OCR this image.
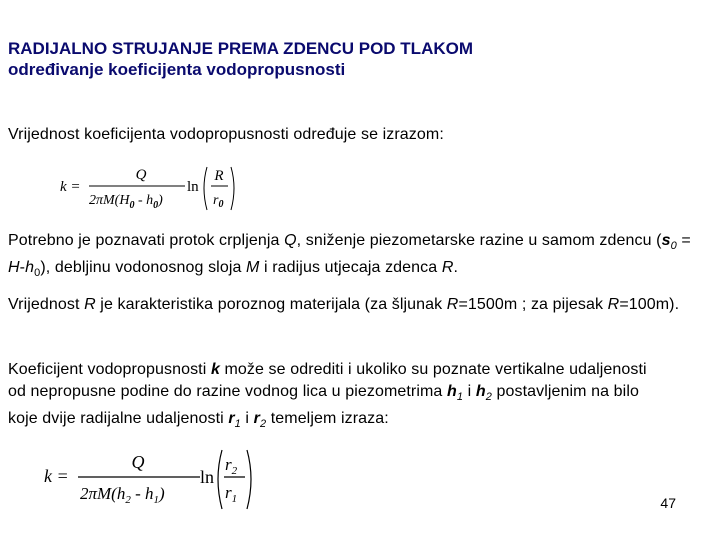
RADIJALNO STRUJANJE PREMA ZDENCU POD TLAKOM
određivanje koeficijenta vodopropusnosti
Vrijednost koeficijenta vodopropusnosti određuje se izrazom:
k =
Q
$2\pi M(H_0 - h_0)$
ln
R
$r_0$
Potrebno je poznavati protok crpljenja Q, sniženje piezometarske razine u samom zdencu $(s_0 = H-h_0)$, debljinu vodonosnog sloja M i radijus utjecaja zdenca R.
Vrijednost R je karakteristika poroznog materijala (za šljunak R=1500m ; za pijesak R=100m).
Koeficijent vodopropusnosti k može se odrediti i ukoliko su poznate vertikalne udaljenosti od nepropusne podine do razine vodnog lica u piezometrima $h_1$ i $h_2$ postavljenim na bilo koje dvije radijalne udaljenosti $r_1$ i $r_2$ temeljem izraza:
k =
Q
$2\pi M(h_2 - h_1)$
ln
$r_2$
$r_1$	47
